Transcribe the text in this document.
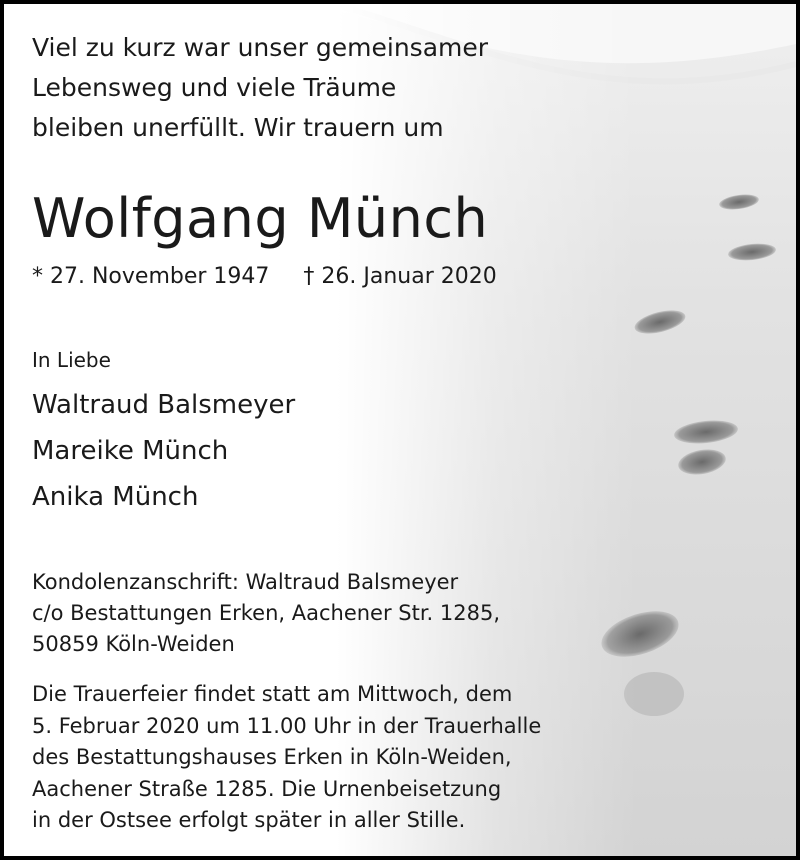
Viel zu kurz war unser gemeinsamer
Lebensweg und viele Träume
bleiben unerfüllt. Wir trauern um
Wolfgang Münch
* 27. November 1947 † 26. Januar 2020
In Liebe
Waltraud Balsmeyer
Mareike Münch
Anika Münch
Kondolenzanschrift: Waltraud Balsmeyer
c/o Bestattungen Erken, Aachener Str. 1285,
50859 Köln-Weiden
Die Trauerfeier findet statt am Mittwoch, dem
5. Februar 2020 um 11.00 Uhr in der Trauerhalle
des Bestattungshauses Erken in Köln-Weiden,
Aachener Straße 1285. Die Urnenbeisetzung
in der Ostsee erfolgt später in aller Stille.
